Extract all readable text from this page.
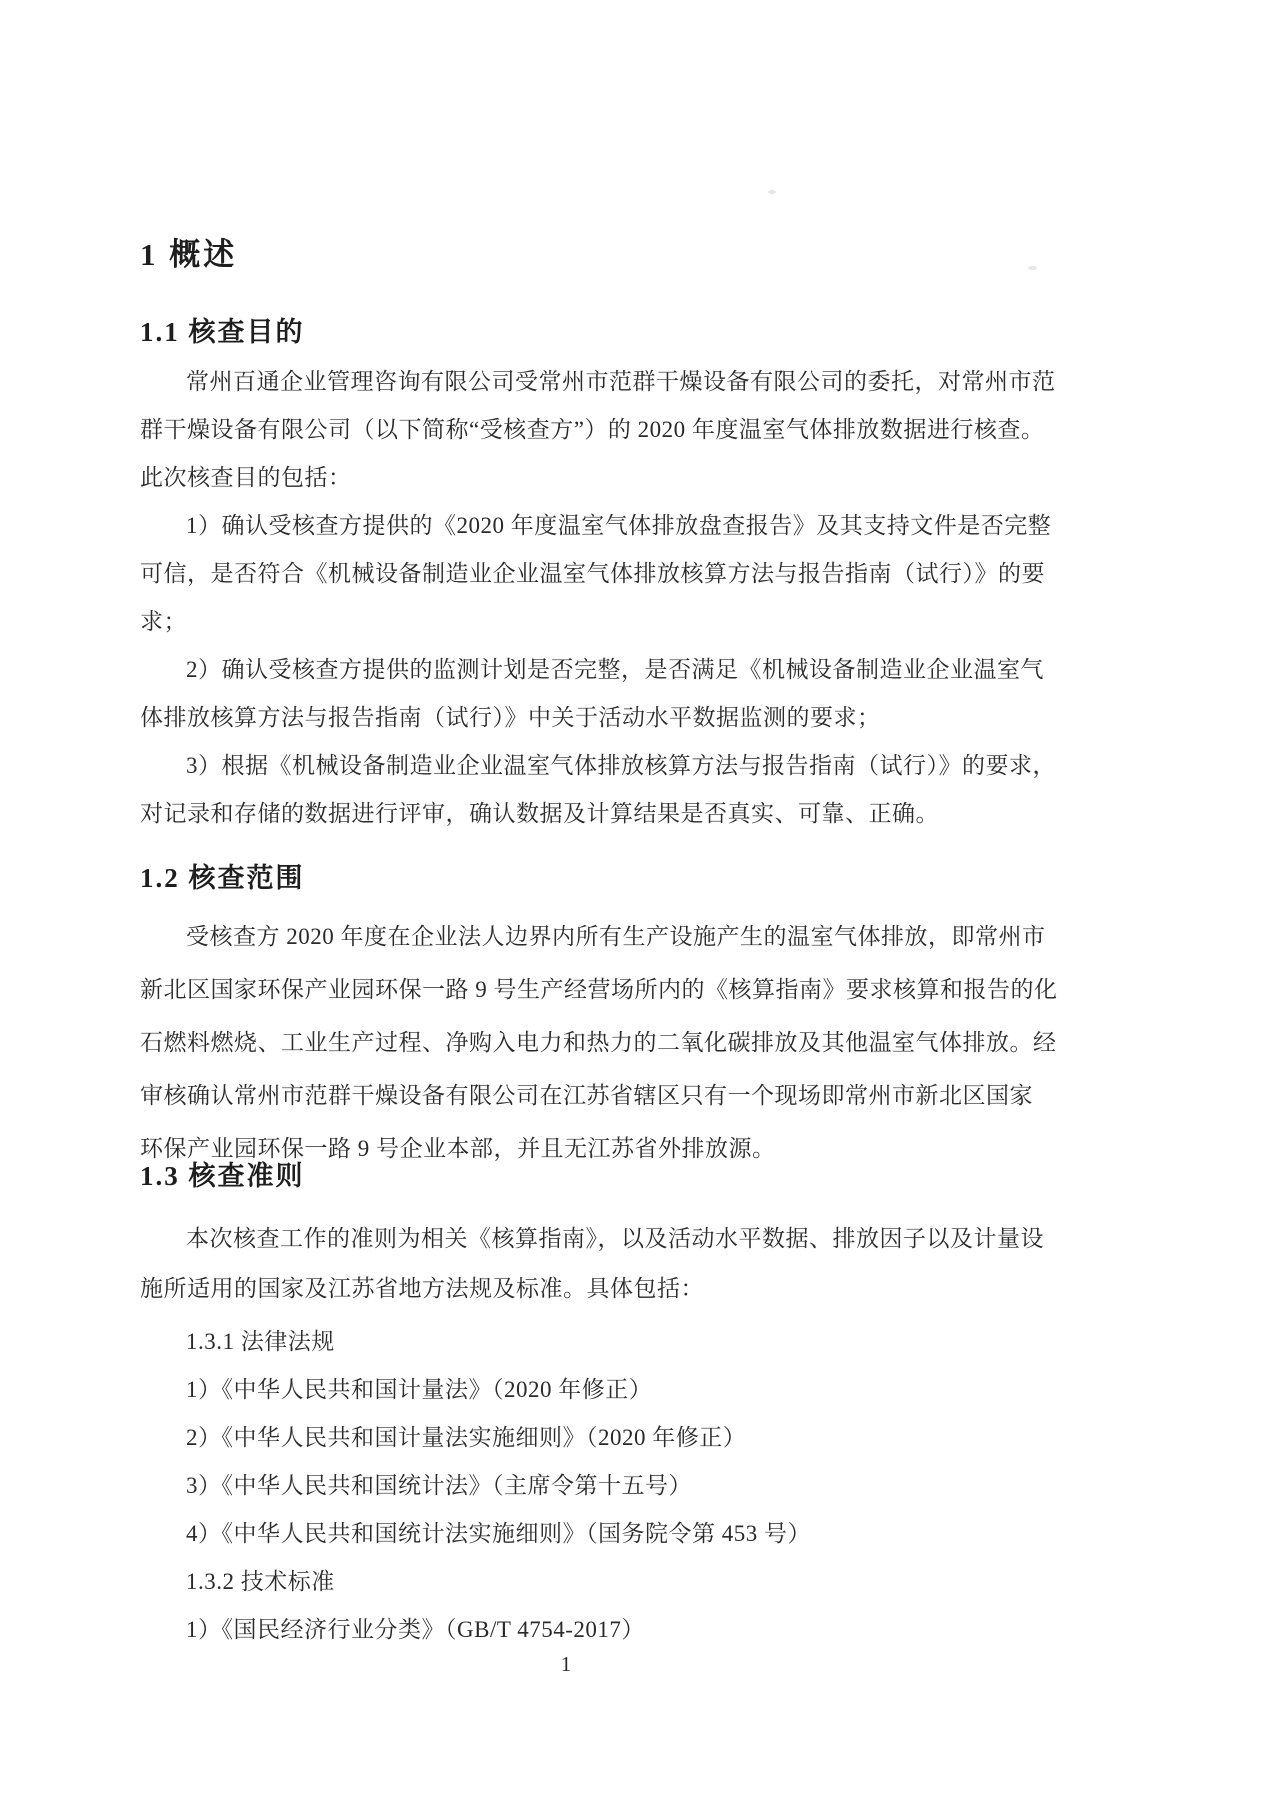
1 概述
1.1 核查目的
常州百通企业管理咨询有限公司受常州市范群干燥设备有限公司的委托，对常州市范
群干燥设备有限公司（以下简称“受核查方”）的 2020 年度温室气体排放数据进行核查。
此次核查目的包括：
1）确认受核查方提供的《2020 年度温室气体排放盘查报告》及其支持文件是否完整
可信，是否符合《机械设备制造业企业温室气体排放核算方法与报告指南（试行）》的要
求；
2）确认受核查方提供的监测计划是否完整，是否满足《机械设备制造业企业温室气
体排放核算方法与报告指南（试行）》中关于活动水平数据监测的要求；
3）根据《机械设备制造业企业温室气体排放核算方法与报告指南（试行）》的要求，
对记录和存储的数据进行评审，确认数据及计算结果是否真实、可靠、正确。
1.2 核查范围
受核查方 2020 年度在企业法人边界内所有生产设施产生的温室气体排放，即常州市
新北区国家环保产业园环保一路 9 号生产经营场所内的《核算指南》要求核算和报告的化
石燃料燃烧、工业生产过程、净购入电力和热力的二氧化碳排放及其他温室气体排放。经
审核确认常州市范群干燥设备有限公司在江苏省辖区只有一个现场即常州市新北区国家
环保产业园环保一路 9 号企业本部，并且无江苏省外排放源。
1.3 核查准则
本次核查工作的准则为相关《核算指南》，以及活动水平数据、排放因子以及计量设
施所适用的国家及江苏省地方法规及标准。具体包括：
1.3.1 法律法规
1）《中华人民共和国计量法》（2020 年修正）
2）《中华人民共和国计量法实施细则》（2020 年修正）
3）《中华人民共和国统计法》（主席令第十五号）
4）《中华人民共和国统计法实施细则》（国务院令第 453 号）
1.3.2 技术标准
1）《国民经济行业分类》（GB/T 4754-2017）
1
